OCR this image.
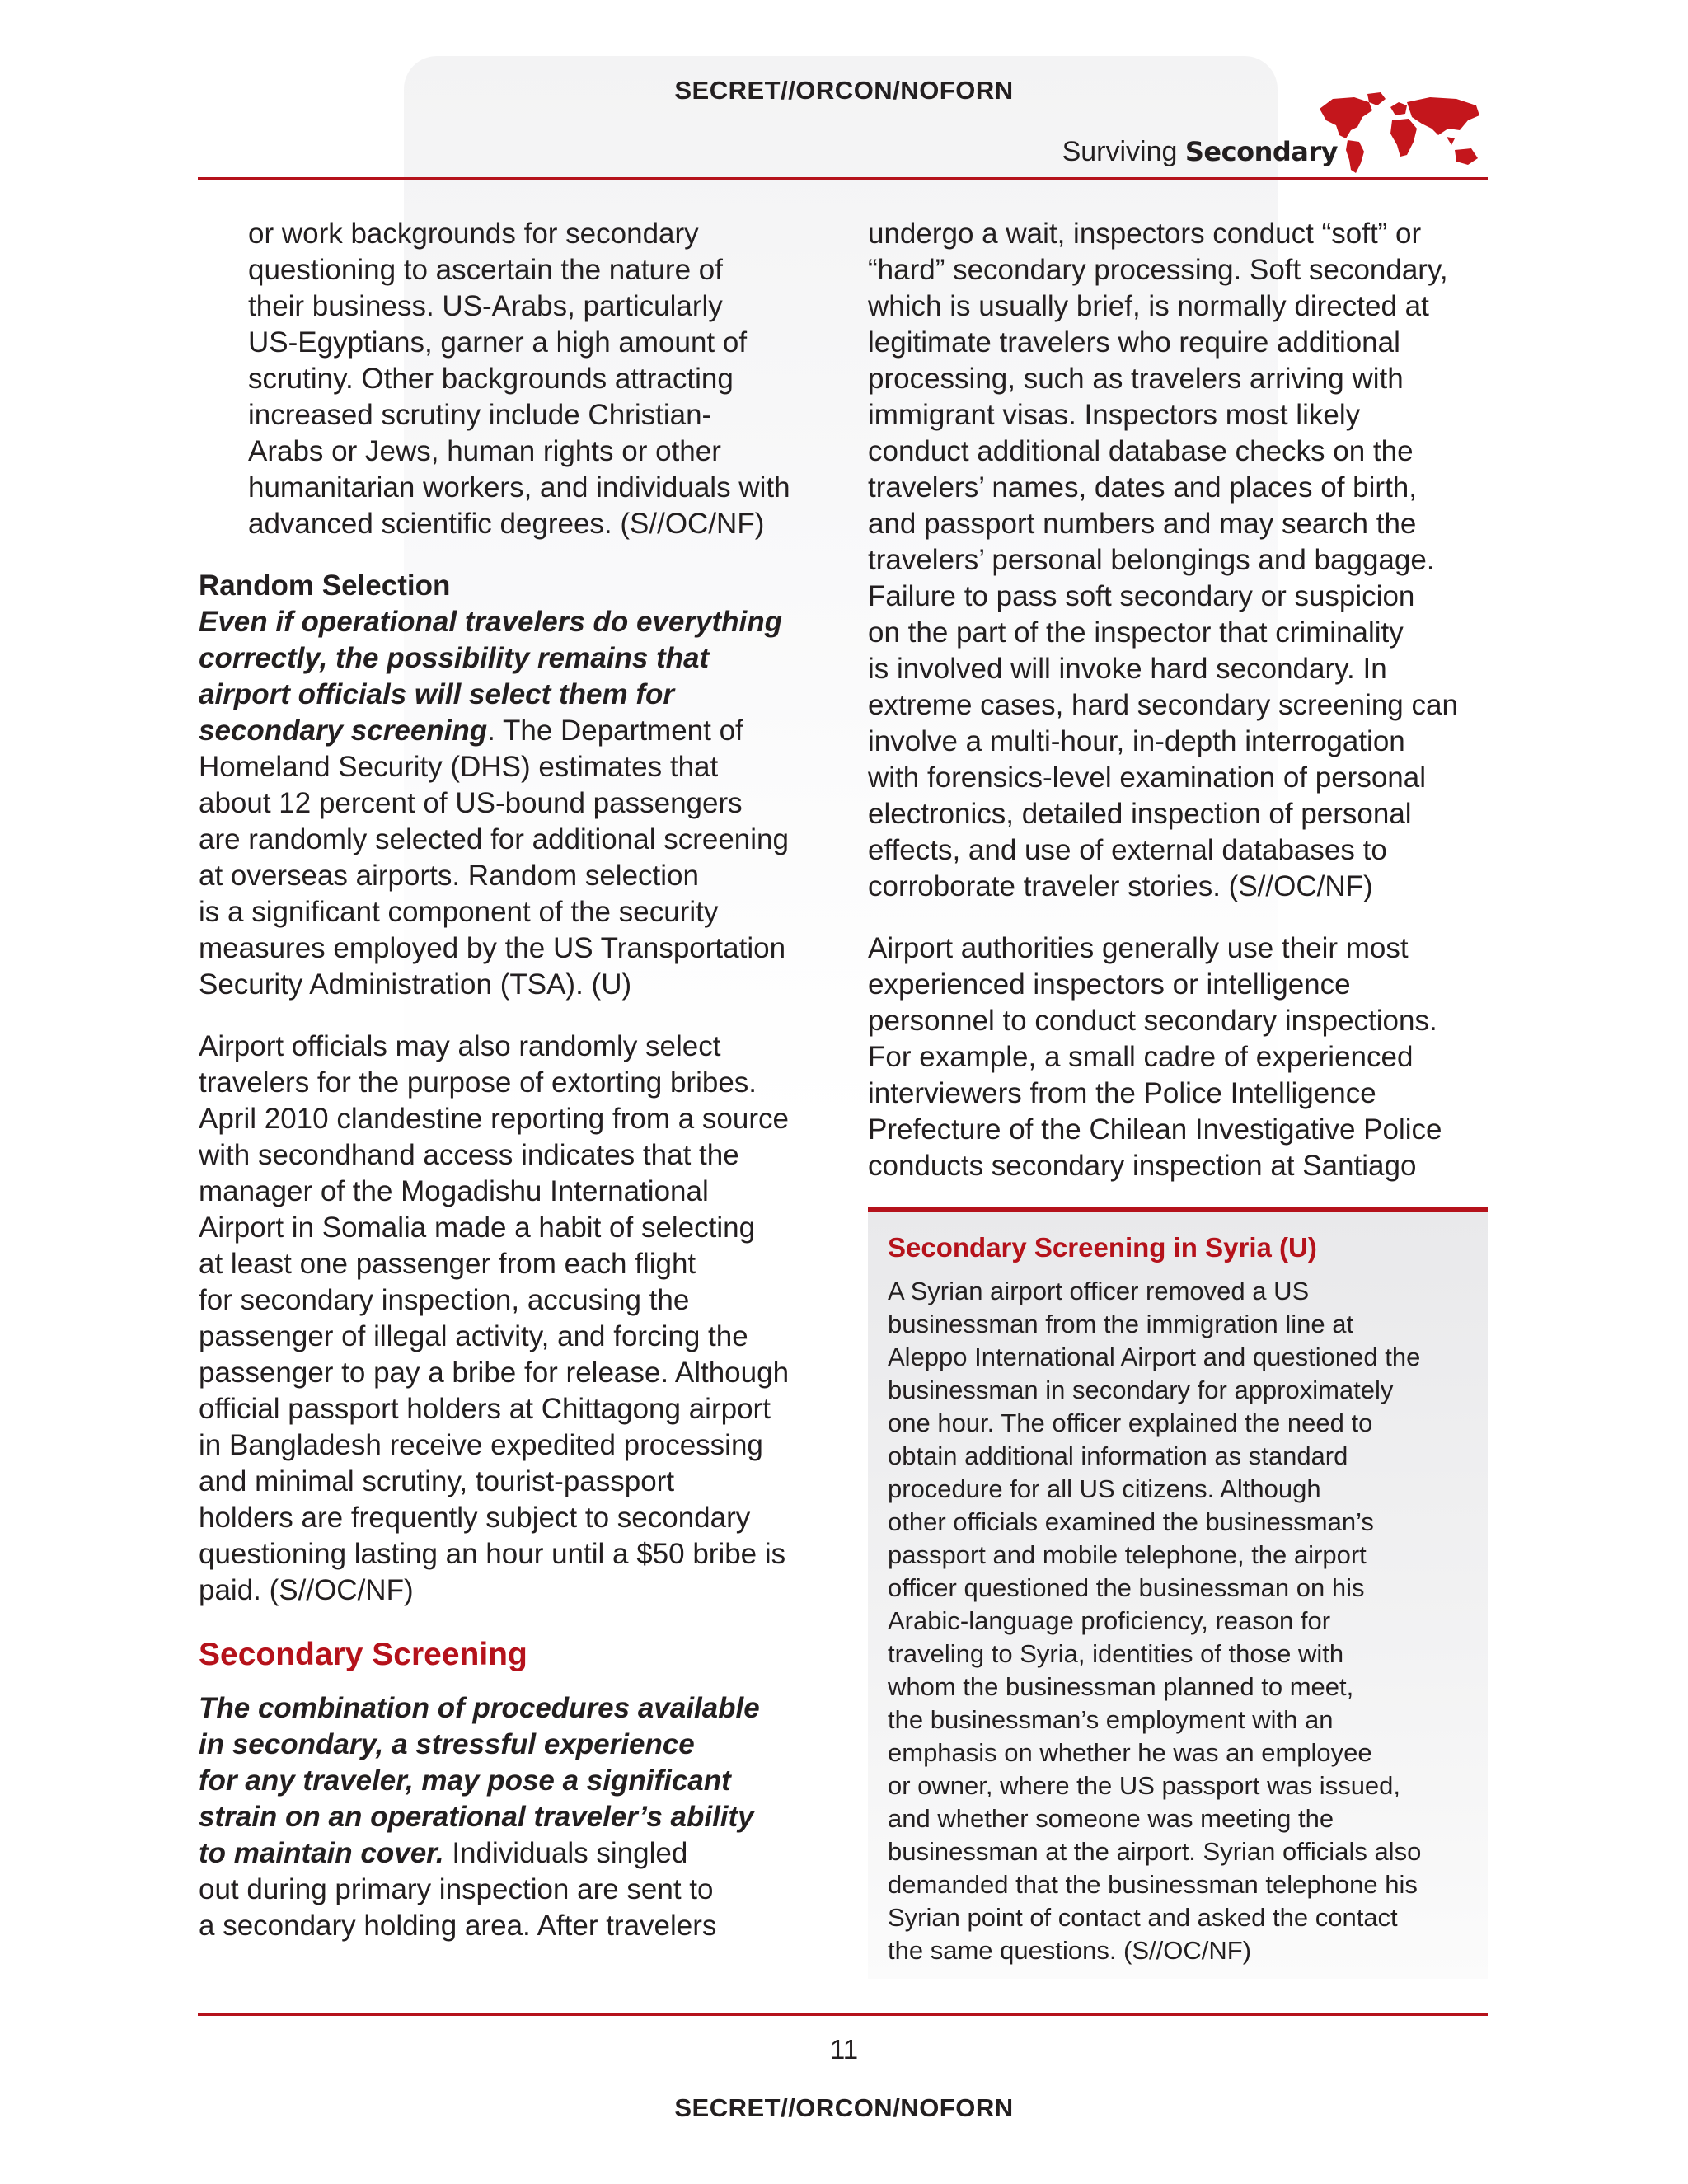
SECRET//ORCON/NOFORN
Surviving Secondary
or work backgrounds for secondary
questioning to ascertain the nature of
their business. US-Arabs, particularly
US-Egyptians, garner a high amount of
scrutiny. Other backgrounds attracting
increased scrutiny include Christian-
Arabs or Jews, human rights or other
humanitarian workers, and individuals with
advanced scientific degrees. (S//OC/NF)
Random Selection
Even if operational travelers do everything
correctly, the possibility remains that
airport officials will select them for
secondary screening. The Department of
Homeland Security (DHS) estimates that
about 12 percent of US-bound passengers
are randomly selected for additional screening
at overseas airports. Random selection
is a significant component of the security
measures employed by the US Transportation
Security Administration (TSA). (U)
Airport officials may also randomly select
travelers for the purpose of extorting bribes.
April 2010 clandestine reporting from a source
with secondhand access indicates that the
manager of the Mogadishu International
Airport in Somalia made a habit of selecting
at least one passenger from each flight
for secondary inspection, accusing the
passenger of illegal activity, and forcing the
passenger to pay a bribe for release. Although
official passport holders at Chittagong airport
in Bangladesh receive expedited processing
and minimal scrutiny, tourist-passport
holders are frequently subject to secondary
questioning lasting an hour until a $50 bribe is
paid. (S//OC/NF)
Secondary Screening
The combination of procedures available
in secondary, a stressful experience
for any traveler, may pose a significant
strain on an operational traveler’s ability
to maintain cover. Individuals singled
out during primary inspection are sent to
a secondary holding area. After travelers
undergo a wait, inspectors conduct “soft” or
“hard” secondary processing. Soft secondary,
which is usually brief, is normally directed at
legitimate travelers who require additional
processing, such as travelers arriving with
immigrant visas. Inspectors most likely
conduct additional database checks on the
travelers’ names, dates and places of birth,
and passport numbers and may search the
travelers’ personal belongings and baggage.
Failure to pass soft secondary or suspicion
on the part of the inspector that criminality
is involved will invoke hard secondary. In
extreme cases, hard secondary screening can
involve a multi-hour, in-depth interrogation
with forensics-level examination of personal
electronics, detailed inspection of personal
effects, and use of external databases to
corroborate traveler stories. (S//OC/NF)
Airport authorities generally use their most
experienced inspectors or intelligence
personnel to conduct secondary inspections.
For example, a small cadre of experienced
interviewers from the Police Intelligence
Prefecture of the Chilean Investigative Police
conducts secondary inspection at Santiago
Secondary Screening in Syria (U)
A Syrian airport officer removed a US
businessman from the immigration line at
Aleppo International Airport and questioned the
businessman in secondary for approximately
one hour. The officer explained the need to
obtain additional information as standard
procedure for all US citizens. Although
other officials examined the businessman’s
passport and mobile telephone, the airport
officer questioned the businessman on his
Arabic-language proficiency, reason for
traveling to Syria, identities of those with
whom the businessman planned to meet,
the businessman’s employment with an
emphasis on whether he was an employee
or owner, where the US passport was issued,
and whether someone was meeting the
businessman at the airport. Syrian officials also
demanded that the businessman telephone his
Syrian point of contact and asked the contact
the same questions. (S//OC/NF)
11
SECRET//ORCON/NOFORN
